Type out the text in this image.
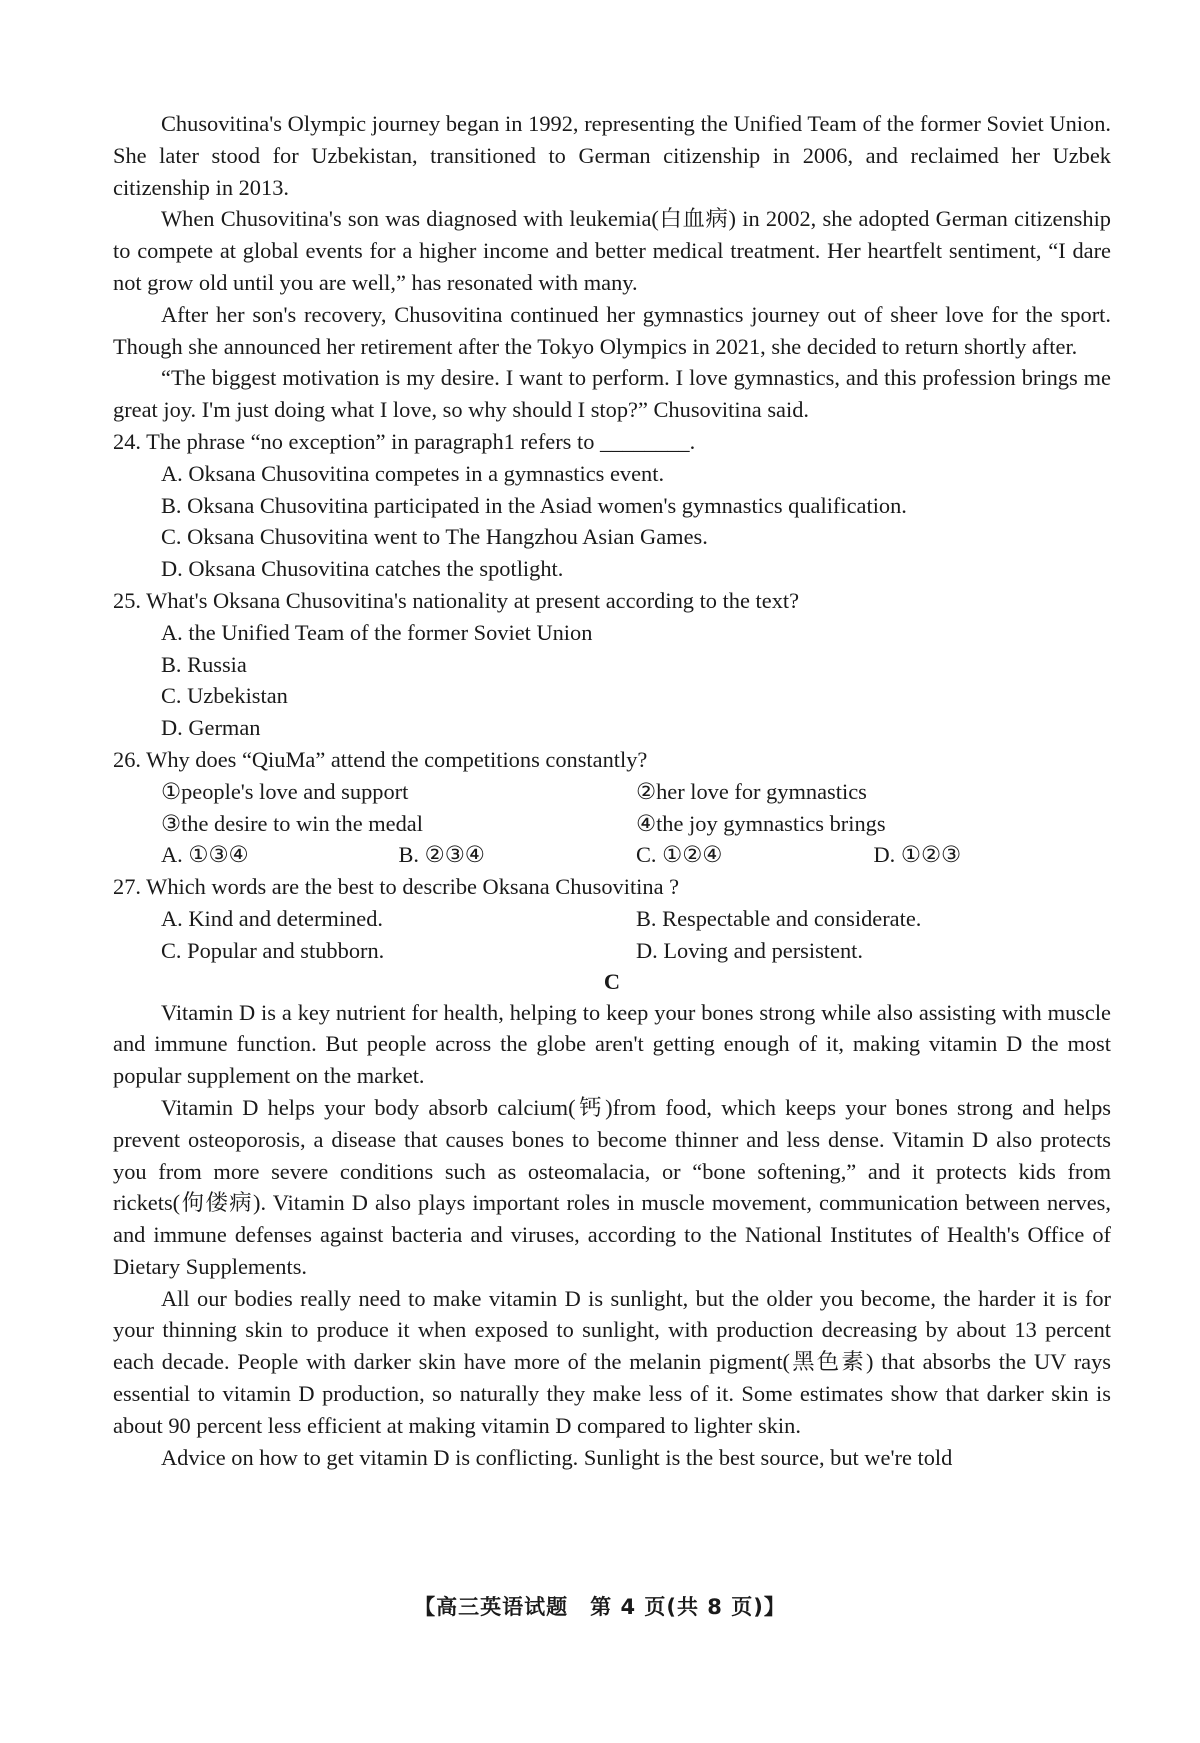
Chusovitina's Olympic journey began in 1992, representing the Unified Team of the former Soviet Union. She later stood for Uzbekistan, transitioned to German citizenship in 2006, and reclaimed her Uzbek citizenship in 2013.

When Chusovitina's son was diagnosed with leukemia(白血病) in 2002, she adopted German citizenship to compete at global events for a higher income and better medical treatment. Her heartfelt sentiment, “I dare not grow old until you are well,” has resonated with many.

After her son's recovery, Chusovitina continued her gymnastics journey out of sheer love for the sport. Though she announced her retirement after the Tokyo Olympics in 2021, she decided to return shortly after.

“The biggest motivation is my desire. I want to perform. I love gymnastics, and this profession brings me great joy. I'm just doing what I love, so why should I stop?” Chusovitina said.

24. The phrase “no exception” in paragraph1 refers to ________.

A. Oksana Chusovitina competes in a gymnastics event.

B. Oksana Chusovitina participated in the Asiad women's gymnastics qualification.

C. Oksana Chusovitina went to The Hangzhou Asian Games.

D. Oksana Chusovitina catches the spotlight.

25. What's Oksana Chusovitina's nationality at present according to the text?

A. the Unified Team of the former Soviet Union

B. Russia

C. Uzbekistan

D. German

26. Why does “QiuMa” attend the competitions constantly?

①people's love and support	②her love for gymnastics
③the desire to win the medal	④the joy gymnastics brings
A. ①③④	B. ②③④	C. ①②④	D. ①②③

27. Which words are the best to describe Oksana Chusovitina ?

A. Kind and determined.	B. Respectable and considerate.
C. Popular and stubborn.	D. Loving and persistent.

C

Vitamin D is a key nutrient for health, helping to keep your bones strong while also assisting with muscle and immune function. But people across the globe aren't getting enough of it, making vitamin D the most popular supplement on the market.

Vitamin D helps your body absorb calcium(钙)from food, which keeps your bones strong and helps prevent osteoporosis, a disease that causes bones to become thinner and less dense. Vitamin D also protects you from more severe conditions such as osteomalacia, or “bone softening,” and it protects kids from rickets(佝偻病). Vitamin D also plays important roles in muscle movement, communication between nerves, and immune defenses against bacteria and viruses, according to the National Institutes of Health's Office of Dietary Supplements.

All our bodies really need to make vitamin D is sunlight, but the older you become, the harder it is for your thinning skin to produce it when exposed to sunlight, with production decreasing by about 13 percent each decade. People with darker skin have more of the melanin pigment(黑色素) that absorbs the UV rays essential to vitamin D production, so naturally they make less of it. Some estimates show that darker skin is about 90 percent less efficient at making vitamin D compared to lighter skin.

Advice on how to get vitamin D is conflicting. Sunlight is the best source, but we're told

【高三英语试题　第 4 页(共 8 页)】
